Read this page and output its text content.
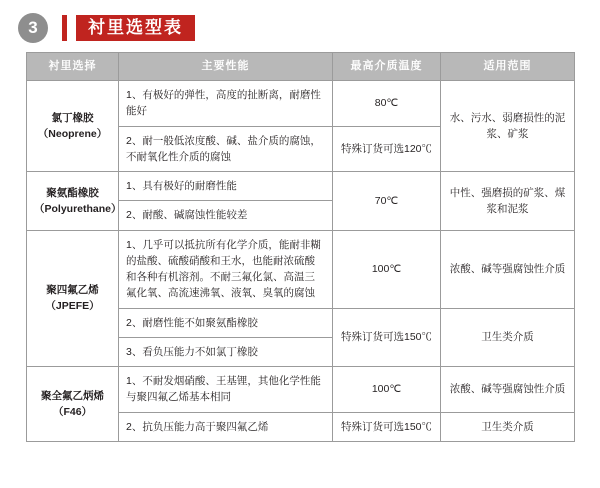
3	衬里选型表
衬里选择	主要性能	最高介质温度	适用范围

氯丁橡胶
（Neoprene）	1、有极好的弹性，高度的扯断离，耐磨性能好	80℃	水、污水、弱磨损性的泥浆、矿浆
	2、耐一般低浓度酸、碱、盐介质的腐蚀，不耐氧化性介质的腐蚀	特殊订货可选120℃	

聚氨酯橡胶
（Polyurethane）	1、具有极好的耐磨性能	70℃	中性、强磨损的矿浆、煤浆和泥浆
	2、耐酸、碱腐蚀性能较差		

聚四氟乙烯
（JPEFE）	1、几乎可以抵抗所有化学介质，能耐非糊的盐酸、硫酸硝酸和王水，也能耐浓硫酸和各种有机溶剂。不耐三氟化氯、高温三氟化氧、高流速沸氧、液氧、臭氧的腐蚀	100℃	浓酸、碱等强腐蚀性介质
	2、耐磨性能不如聚氨酯橡胶	特殊订货可选150℃	卫生类介质
	3、看负压能力不如氯丁橡胶		

聚全氟乙炳烯
（F46）	1、不耐发烟硝酸、王基锂，其他化学性能与聚四氟乙烯基本相同	100℃	浓酸、碱等强腐蚀性介质
	2、抗负压能力高于聚四氟乙烯	特殊订货可选150℃	卫生类介质
